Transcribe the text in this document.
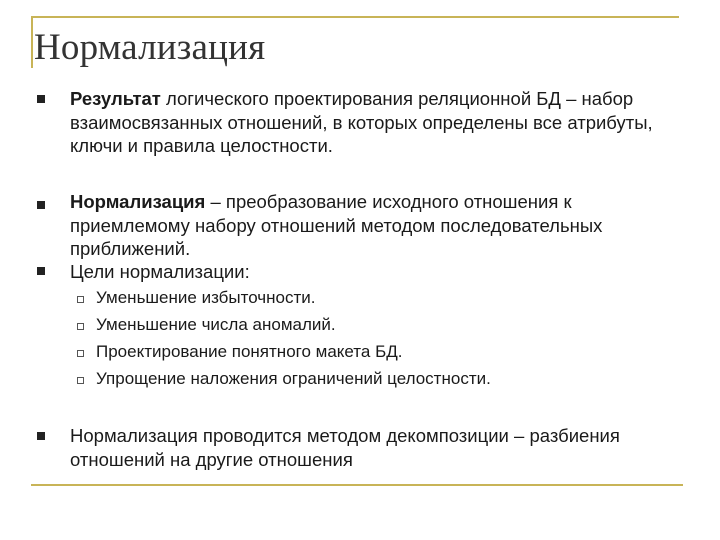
Нормализация
Результат логического проектирования реляционной БД – набор взаимосвязанных отношений, в которых определены все атрибуты, ключи и правила целостности.
Нормализация – преобразование исходного отношения к приемлемому набору отношений методом последовательных приближений.
Цели нормализации:
Уменьшение избыточности.
Уменьшение числа аномалий.
Проектирование понятного макета БД.
Упрощение наложения ограничений целостности.
Нормализация проводится методом декомпозиции – разбиения отношений на другие отношения
